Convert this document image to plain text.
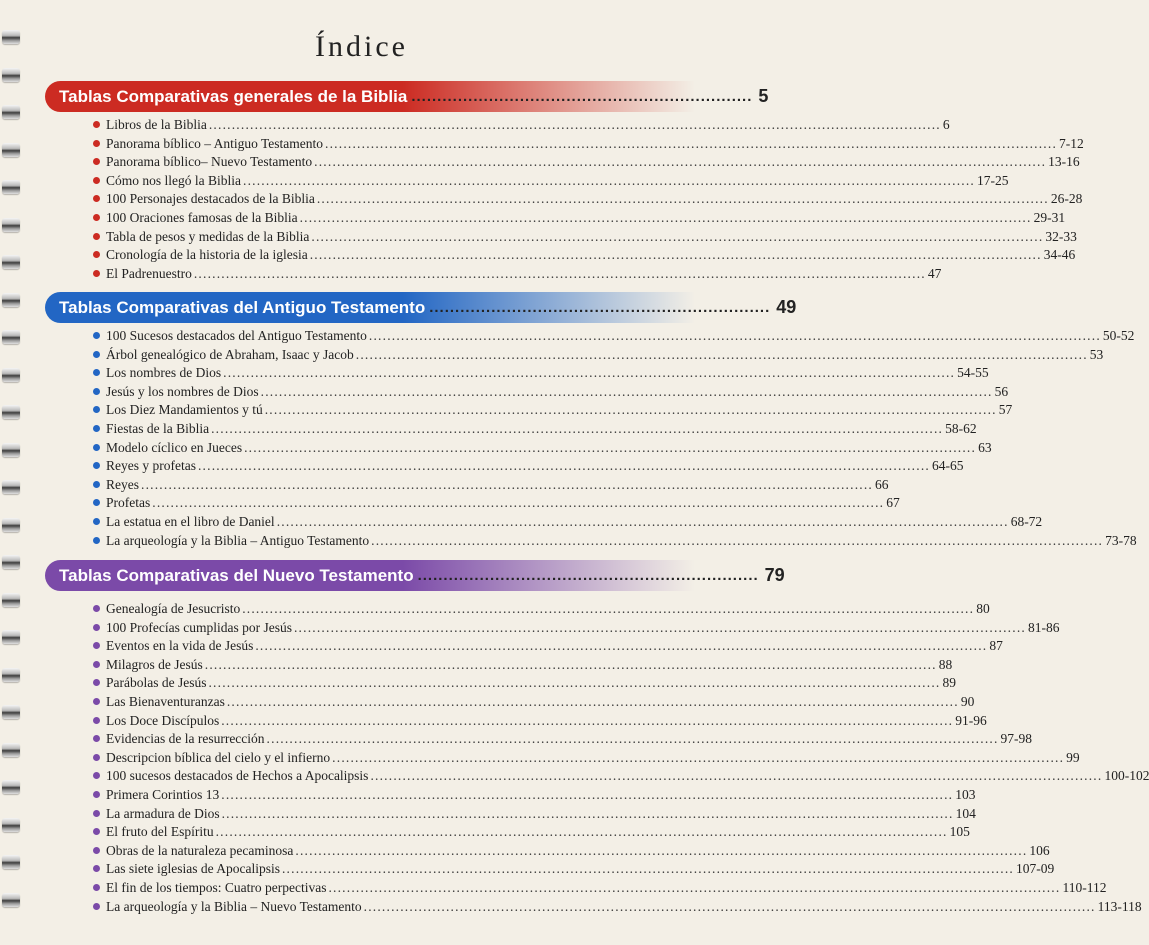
Índice
Tablas Comparativas generales de la Biblia .................................................................. 5
Libros de la Biblia ................................................................................................................................................................ 6
Panorama bíblico – Antiguo Testamento ................................................................................................................................................................ 7-12
Panorama bíblico– Nuevo Testamento ................................................................................................................................................................ 13-16
Cómo nos llegó la Biblia ................................................................................................................................................................ 17-25
100 Personajes destacados de la Biblia ................................................................................................................................................................ 26-28
100 Oraciones famosas de la Biblia ................................................................................................................................................................ 29-31
Tabla de pesos y medidas de la Biblia ................................................................................................................................................................ 32-33
Cronología de la historia de la iglesia ................................................................................................................................................................ 34-46
El Padrenuestro ................................................................................................................................................................ 47
Tablas Comparativas del Antiguo Testamento .................................................................. 49
100 Sucesos destacados del Antiguo Testamento ................................................................................................................................................................ 50-52
Árbol genealógico de Abraham, Isaac y Jacob ................................................................................................................................................................ 53
Los nombres de Dios ................................................................................................................................................................ 54-55
Jesús y los nombres de Dios ................................................................................................................................................................ 56
Los Diez Mandamientos y tú ................................................................................................................................................................ 57
Fiestas de la Biblia ................................................................................................................................................................ 58-62
Modelo cíclico en Jueces ................................................................................................................................................................ 63
Reyes y profetas ................................................................................................................................................................ 64-65
Reyes ................................................................................................................................................................ 66
Profetas ................................................................................................................................................................ 67
La estatua en el libro de Daniel ................................................................................................................................................................ 68-72
La arqueología y la Biblia – Antiguo Testamento ................................................................................................................................................................ 73-78
Tablas Comparativas del Nuevo Testamento .................................................................. 79
Genealogía de Jesucristo ................................................................................................................................................................ 80
100 Profecías cumplidas por Jesús ................................................................................................................................................................ 81-86
Eventos en la vida de Jesús ................................................................................................................................................................ 87
Milagros de Jesús ................................................................................................................................................................ 88
Parábolas de Jesús ................................................................................................................................................................ 89
Las Bienaventuranzas ................................................................................................................................................................ 90
Los Doce Discípulos ................................................................................................................................................................ 91-96
Evidencias de la resurrección ................................................................................................................................................................ 97-98
Descripcion bíblica del cielo y el infierno ................................................................................................................................................................ 99
100 sucesos destacados de Hechos a Apocalipsis ................................................................................................................................................................ 100-102
Primera Corintios 13 ................................................................................................................................................................ 103
La armadura de Dios ................................................................................................................................................................ 104
El fruto del Espíritu ................................................................................................................................................................ 105
Obras de la naturaleza pecaminosa ................................................................................................................................................................ 106
Las siete iglesias de Apocalipsis ................................................................................................................................................................ 107-09
El fin de los tiempos: Cuatro perpectivas ................................................................................................................................................................ 110-112
La arqueología y la Biblia – Nuevo Testamento ................................................................................................................................................................ 113-118
